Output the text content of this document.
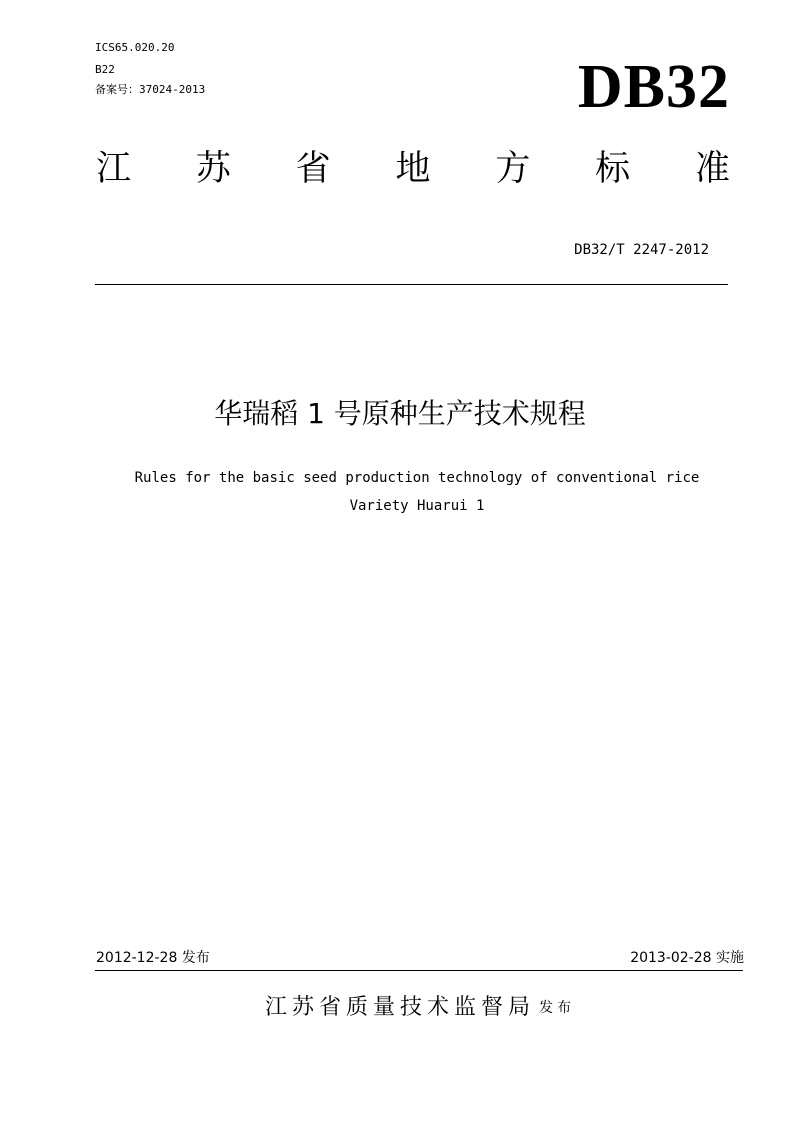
ICS65.020.20
B22
备案号：37024-2013	DB32
江 苏 省 地 方 标 准
DB32/T 2247-2012
华瑞稻 1 号原种生产技术规程
Rules for the basic seed production technology of conventional rice
Variety Huarui 1
2012-12-28 发布	2013-02-28 实施
江苏省质量技术监督局 发布
